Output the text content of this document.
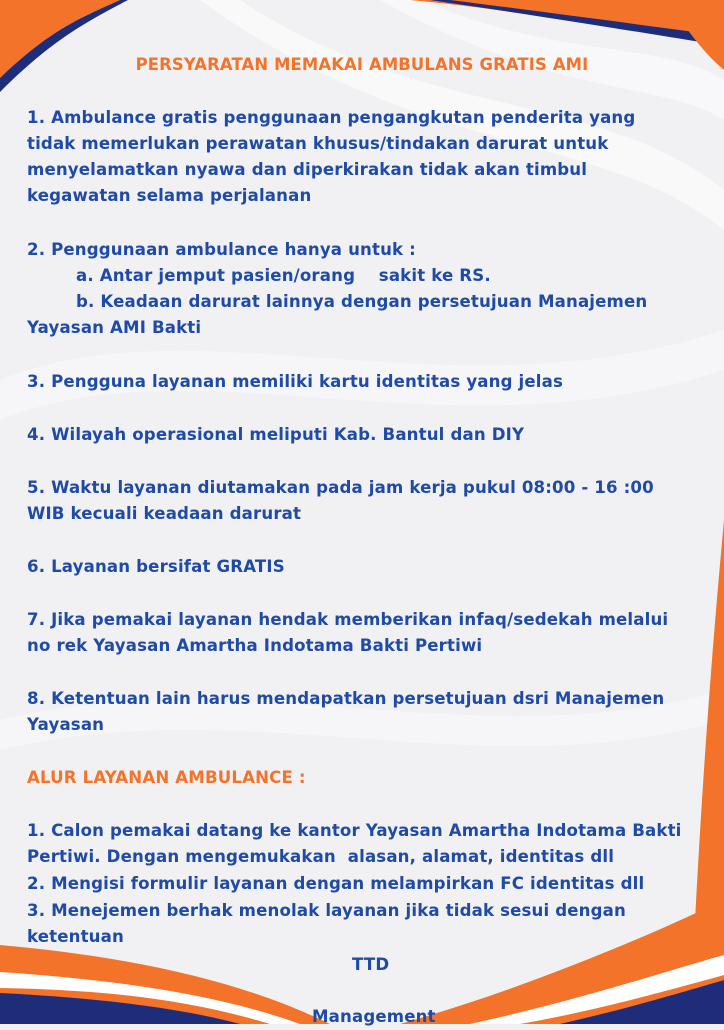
PERSYARATAN MEMAKAI AMBULANS GRATIS AMI

1. Ambulance gratis penggunaan pengangkutan penderita yang

tidak memerlukan perawatan khusus/tindakan darurat untuk

menyelamatkan nyawa dan diperkirakan tidak akan timbul

kegawatan selama perjalanan

2. Penggunaan ambulance hanya untuk :

a. Antar jemput pasien/orang    sakit ke RS.

b. Keadaan darurat lainnya dengan persetujuan Manajemen

Yayasan AMI Bakti

3. Pengguna layanan memiliki kartu identitas yang jelas

4. Wilayah operasional meliputi Kab. Bantul dan DIY

5. Waktu layanan diutamakan pada jam kerja pukul 08:00 - 16 :00

WIB kecuali keadaan darurat

6. Layanan bersifat GRATIS

7. Jika pemakai layanan hendak memberikan infaq/sedekah melalui

no rek Yayasan Amartha Indotama Bakti Pertiwi

8. Ketentuan lain harus mendapatkan persetujuan dsri Manajemen

Yayasan

ALUR LAYANAN AMBULANCE :

1. Calon pemakai datang ke kantor Yayasan Amartha Indotama Bakti

Pertiwi. Dengan mengemukakan  alasan, alamat, identitas dll

2. Mengisi formulir layanan dengan melampirkan FC identitas dll

3. Menejemen berhak menolak layanan jika tidak sesui dengan

ketentuan

TTD

Management
